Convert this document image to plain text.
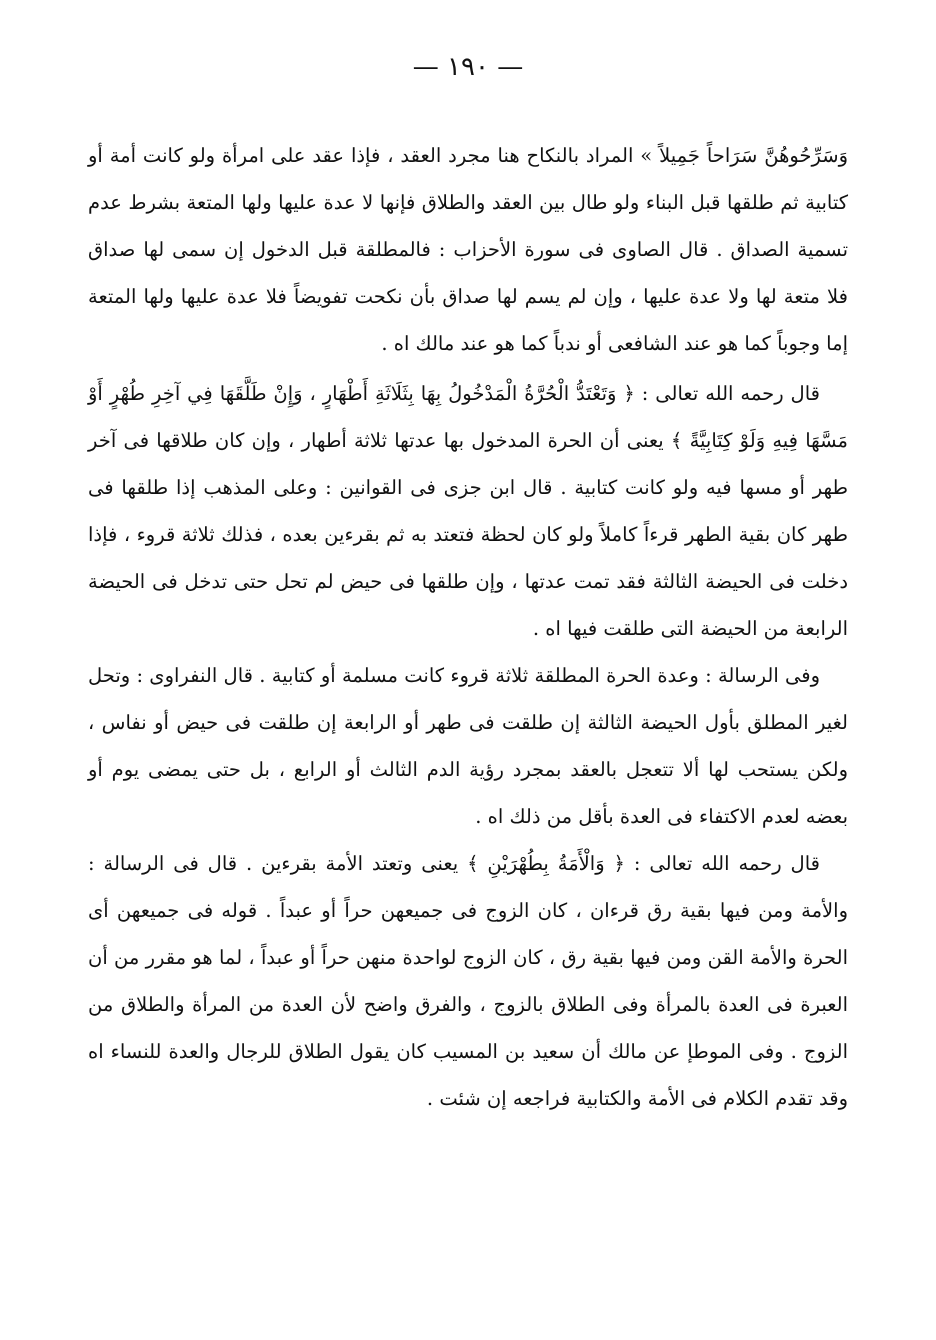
— ١٩٠ —

وَسَرِّحُوهُنَّ سَرَاحاً جَمِيلاً » المراد بالنكاح هنا مجرد العقد ، فإذا عقد على امرأة ولو كانت أمة أو كتابية ثم طلقها قبل البناء ولو طال بين العقد والطلاق فإنها لا عدة عليها ولها المتعة بشرط عدم تسمية الصداق . قال الصاوى فى سورة الأحزاب : فالمطلقة قبل الدخول إن سمى لها صداق فلا متعة لها ولا عدة عليها ، وإن لم يسم لها صداق بأن نكحت تفويضاً فلا عدة عليها ولها المتعة إما وجوباً كما هو عند الشافعى أو ندباً كما هو عند مالك اه .

قال رحمه الله تعالى : ﴿ وَتَعْتَدُّ الْحُرَّةُ الْمَدْخُولُ بِهَا بِثَلَاثَةِ أَطْهَارٍ ، وَإِنْ طَلَّقَهَا فِي آخِرِ طُهْرٍ أَوْ مَسَّهَا فِيهِ وَلَوْ كِتَابِيَّةً ﴾ يعنى أن الحرة المدخول بها عدتها ثلاثة أطهار ، وإن كان طلاقها فى آخر طهر أو مسها فيه ولو كانت كتابية . قال ابن جزى فى القوانين : وعلى المذهب إذا طلقها فى طهر كان بقية الطهر قرءاً كاملاً ولو كان لحظة فتعتد به ثم بقرءين بعده ، فذلك ثلاثة قروء ، فإذا دخلت فى الحيضة الثالثة فقد تمت عدتها ، وإن طلقها فى حيض لم تحل حتى تدخل فى الحيضة الرابعة من الحيضة التى طلقت فيها اه .

وفى الرسالة : وعدة الحرة المطلقة ثلاثة قروء كانت مسلمة أو كتابية . قال النفراوى : وتحل لغير المطلق بأول الحيضة الثالثة إن طلقت فى طهر أو الرابعة إن طلقت فى حيض أو نفاس ، ولكن يستحب لها ألا تتعجل بالعقد بمجرد رؤية الدم الثالث أو الرابع ، بل حتى يمضى يوم أو بعضه لعدم الاكتفاء فى العدة بأقل من ذلك اه .

قال رحمه الله تعالى : ﴿ وَالْأَمَةُ بِطُهْرَيْنِ ﴾ يعنى وتعتد الأمة بقرءين . قال فى الرسالة : والأمة ومن فيها بقية رق قرءان ، كان الزوج فى جميعهن حراً أو عبداً . قوله فى جميعهن أى الحرة والأمة القن ومن فيها بقية رق ، كان الزوج لواحدة منهن حراً أو عبداً ، لما هو مقرر من أن العبرة فى العدة بالمرأة وفى الطلاق بالزوج ، والفرق واضح لأن العدة من المرأة والطلاق من الزوج . وفى الموطإ عن مالك أن سعيد بن المسيب كان يقول الطلاق للرجال والعدة للنساء اه وقد تقدم الكلام فى الأمة والكتابية فراجعه إن شئت .
